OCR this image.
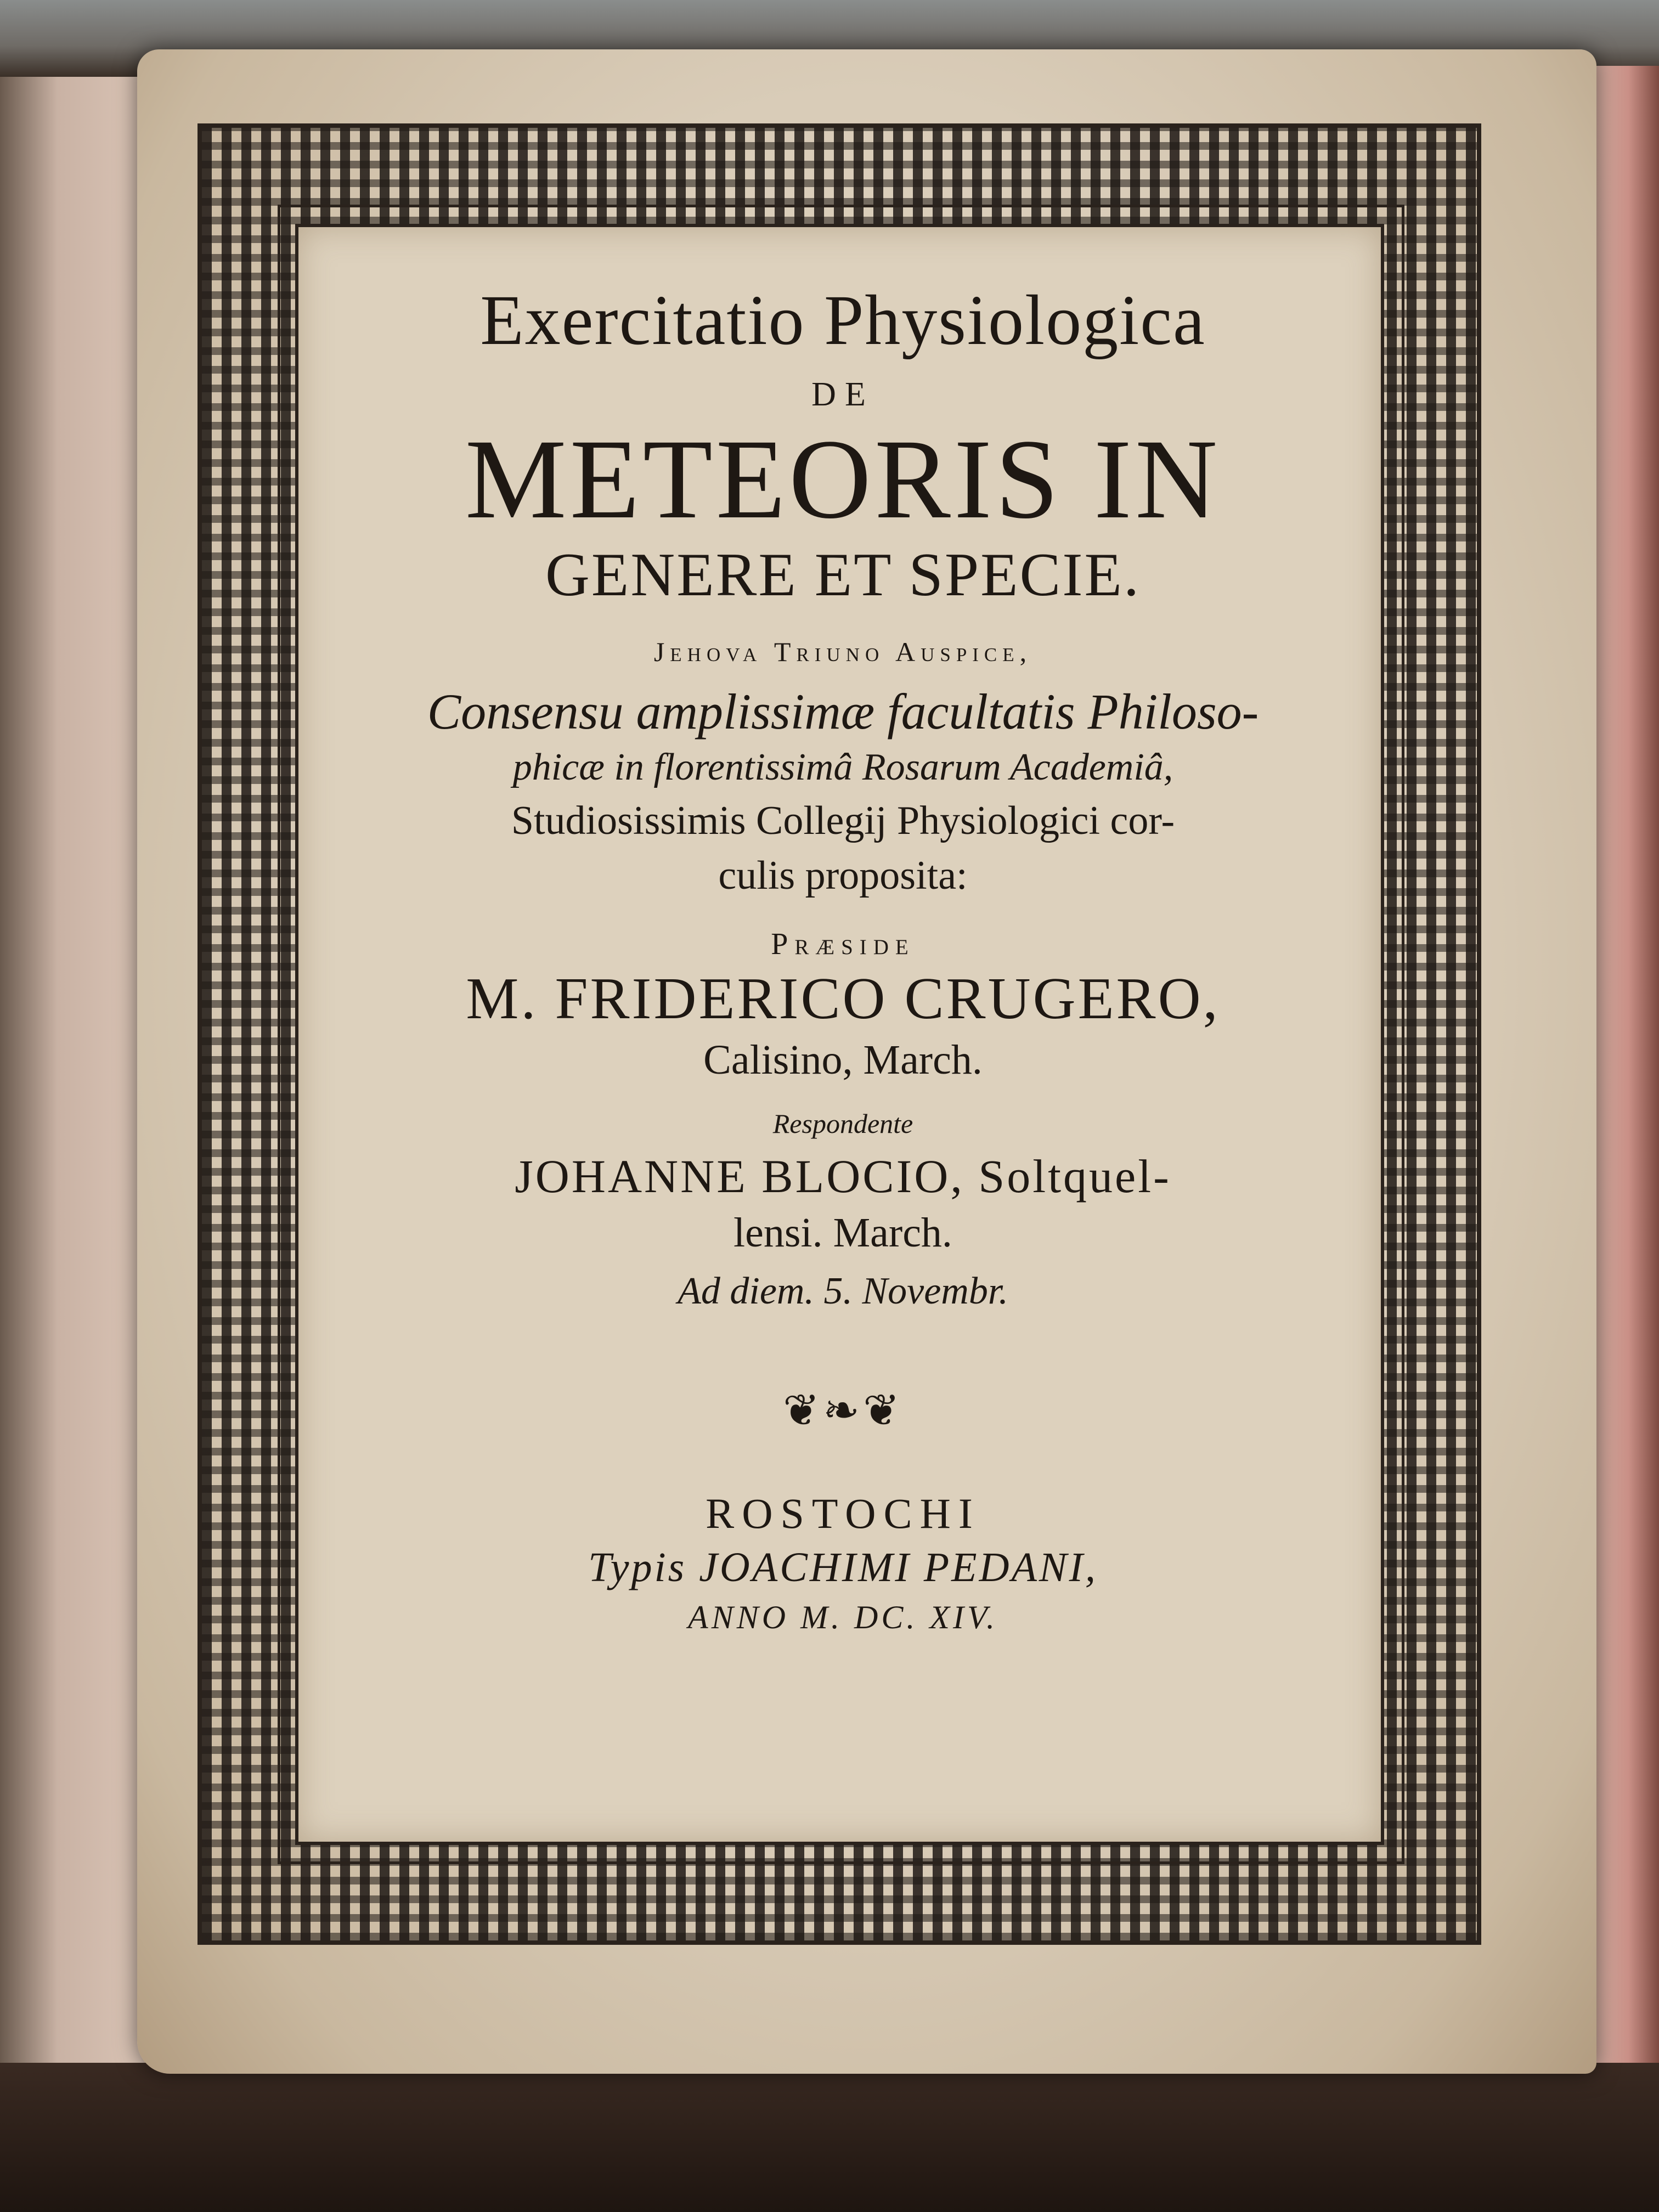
Exercitatio Physiologica
DE
METEORIS IN
GENERE ET SPECIE.
Jehova Triuno Auspice,
Consensu amplissimæ facultatis Philoso-
phicæ in florentissimâ Rosarum Academiâ,
Studiosissimis Collegij Physiologici cor-
culis proposita:
Præside
M. FRIDERICO CRUGERO,
Calisino, March.
Respondente
JOHANNE BLOCIO, Soltquel-
lensi. March.
Ad diem. 5. Novembr.
❦❧❦
ROSTOCHI
Typis JOACHIMI PEDANI,
ANNO M. DC. XIV.
